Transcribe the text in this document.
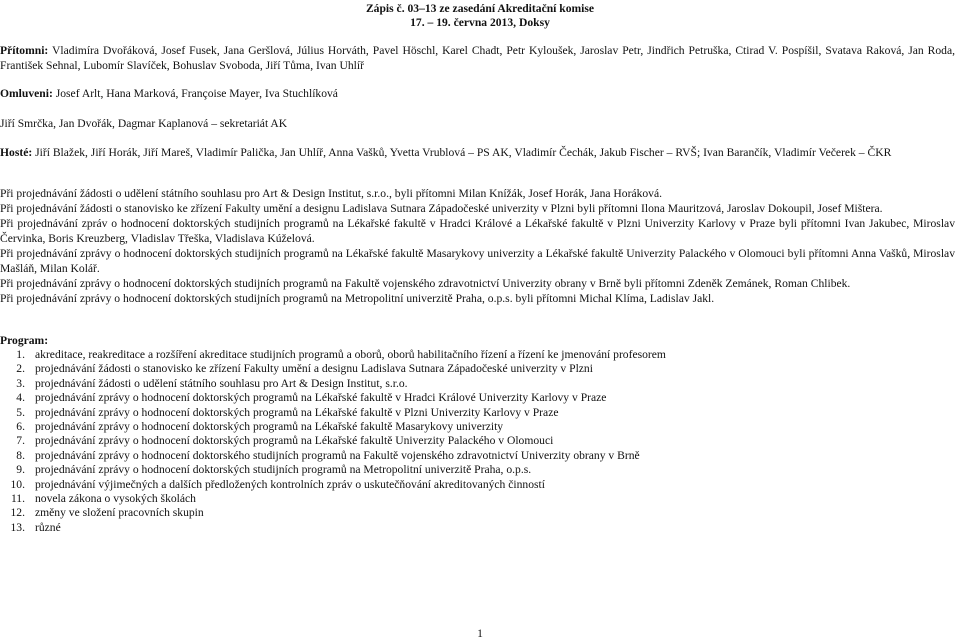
Zápis č. 03–13 ze zasedání Akreditační komise
17. – 19. června 2013, Doksy
Přítomni: Vladimíra Dvořáková, Josef Fusek, Jana Geršlová, Július Horváth, Pavel Höschl, Karel Chadt, Petr Kyloušek, Jaroslav Petr, Jindřich Petruška, Ctirad V. Pospíšil, Svatava Raková, Jan Roda, František Sehnal, Lubomír Slavíček, Bohuslav Svoboda, Jiří Tůma, Ivan Uhlíř
Omluveni: Josef Arlt, Hana Marková, Françoise Mayer, Iva Stuchlíková
Jiří Smrčka, Jan Dvořák, Dagmar Kaplanová – sekretariát AK
Hosté: Jiří Blažek, Jiří Horák, Jiří Mareš, Vladimír Palička, Jan Uhlíř, Anna Vašků, Yvetta Vrublová – PS AK, Vladimír Čechák, Jakub Fischer – RVŠ; Ivan Barančík, Vladimír Večerek – ČKR

Při projednávání žádosti o udělení státního souhlasu pro Art & Design Institut, s.r.o., byli přítomni Milan Knížák, Josef Horák, Jana Horáková.

Při projednávání žádosti o stanovisko ke zřízení Fakulty umění a designu Ladislava Sutnara Západočeské univerzity v Plzni byli přítomni Ilona Mauritzová, Jaroslav Dokoupil, Josef Mištera.

Při projednávání zpráv o hodnocení doktorských studijních programů na Lékařské fakultě v Hradci Králové a Lékařské fakultě v Plzni Univerzity Karlovy v Praze byli přítomni Ivan Jakubec, Miroslav Červinka, Boris Kreuzberg, Vladislav Třeška, Vladislava Kúželová.

Při projednávání zprávy o hodnocení doktorských studijních programů na Lékařské fakultě Masarykovy univerzity a Lékařské fakultě Univerzity Palackého v Olomouci byli přítomni Anna Vašků, Miroslav Mašláň, Milan Kolář.

Při projednávání zprávy o hodnocení doktorských studijních programů na Fakultě vojenského zdravotnictví Univerzity obrany v Brně byli přítomni Zdeněk Zemánek, Roman Chlibek.

Při projednávání zprávy o hodnocení doktorských studijních programů na Metropolitní univerzitě Praha, o.p.s. byli přítomni Michal Klíma, Ladislav Jakl.

Program:
1. akreditace, reakreditace a rozšíření akreditace studijních programů a oborů, oborů habilitačního řízení a řízení ke jmenování profesorem
2. projednávání žádosti o stanovisko ke zřízení Fakulty umění a designu Ladislava Sutnara Západočeské univerzity v Plzni
3. projednávání žádosti o udělení státního souhlasu pro Art & Design Institut, s.r.o.
4. projednávání zprávy o hodnocení doktorských programů na Lékařské fakultě v Hradci Králové Univerzity Karlovy v Praze
5. projednávání zprávy o hodnocení doktorských programů na Lékařské fakultě v Plzni Univerzity Karlovy v Praze
6. projednávání zprávy o hodnocení doktorských programů na Lékařské fakultě Masarykovy univerzity
7. projednávání zprávy o hodnocení doktorských programů na Lékařské fakultě Univerzity Palackého v Olomouci
8. projednávání zprávy o hodnocení doktorského studijních programů na Fakultě vojenského zdravotnictví Univerzity obrany v Brně
9. projednávání zprávy o hodnocení doktorských studijních programů na Metropolitní univerzitě Praha, o.p.s.
10. projednávání výjimečných a dalších předložených kontrolních zpráv o uskutečňování akreditovaných činností
11. novela zákona o vysokých školách
12. změny ve složení pracovních skupin
13. různé
1
